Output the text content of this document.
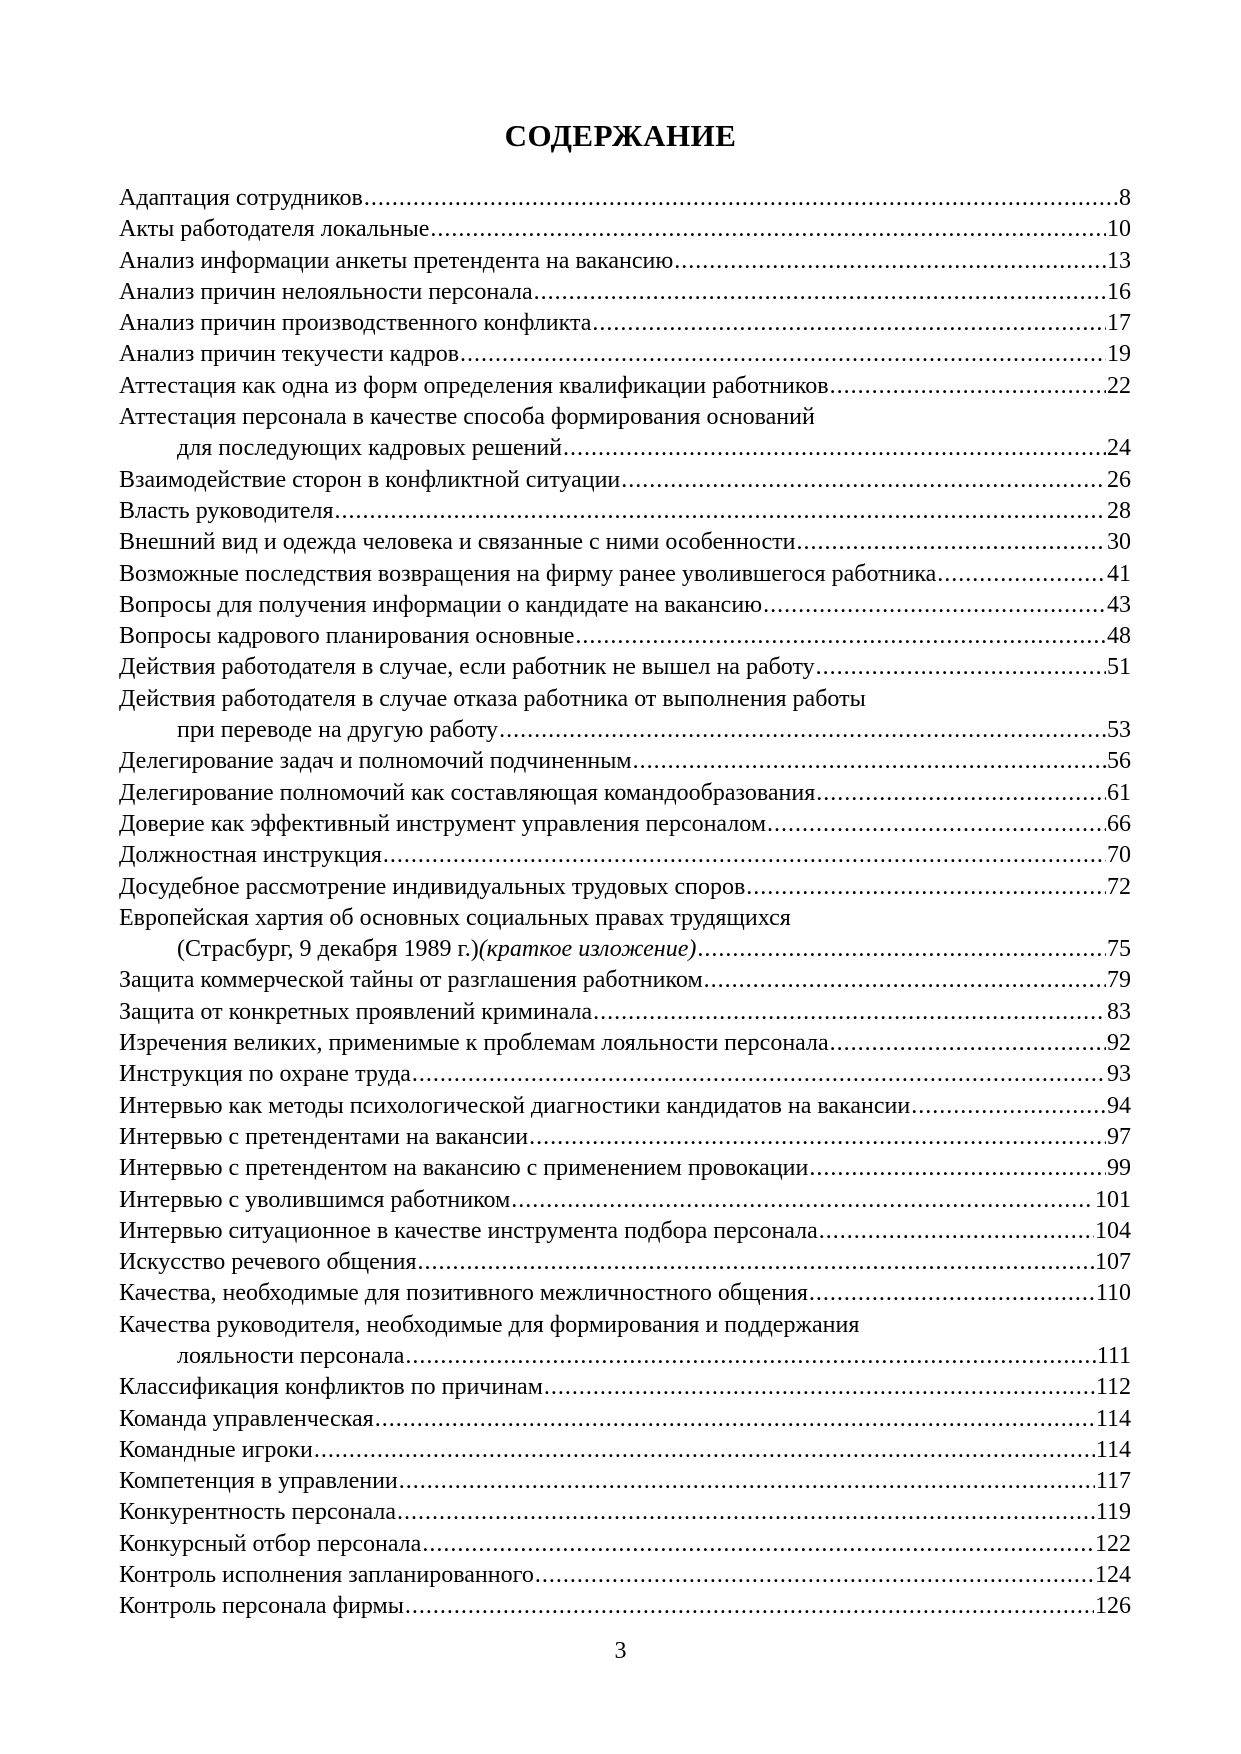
СОДЕРЖАНИЕ
Адаптация сотрудников .....	8
Акты работодателя локальные .....	10
Анализ информации анкеты претендента на вакансию .....	13
Анализ причин нелояльности персонала .....	16
Анализ причин производственного конфликта .....	17
Анализ причин текучести кадров .....	19
Аттестация как одна из форм определения квалификации работников .....	22
Аттестация персонала в качестве способа формирования оснований
для последующих кадровых решений .....	24
Взаимодействие сторон в конфликтной ситуации .....	26
Власть руководителя .....	28
Внешний вид и одежда человека и связанные с ними особенности .....	30
Возможные последствия возвращения на фирму ранее уволившегося работника .....	41
Вопросы для получения информации о кандидате на вакансию .....	43
Вопросы кадрового планирования основные .....	48
Действия работодателя в случае, если работник не вышел на работу .....	51
Действия работодателя в случае отказа работника от выполнения работы
при переводе на другую работу .....	53
Делегирование задач и полномочий подчиненным .....	56
Делегирование полномочий как составляющая командообразования .....	61
Доверие как эффективный инструмент управления персоналом .....	66
Должностная инструкция .....	70
Досудебное рассмотрение индивидуальных трудовых споров .....	72
Европейская хартия об основных социальных правах трудящихся
(Страсбург, 9 декабря 1989 г.) (краткое изложение) .....	75
Защита коммерческой тайны от разглашения работником .....	79
Защита от конкретных проявлений криминала .....	83
Изречения великих, применимые к проблемам лояльности персонала .....	92
Инструкция по охране труда .....	93
Интервью как методы психологической диагностики кандидатов на вакансии .....	94
Интервью с претендентами на вакансии .....	97
Интервью с претендентом на вакансию с применением провокации .....	99
Интервью с уволившимся работником .....	101
Интервью ситуационное в качестве инструмента подбора персонала .....	104
Искусство речевого общения .....	107
Качества, необходимые для позитивного межличностного общения .....	110
Качества руководителя, необходимые для формирования и поддержания
лояльности персонала .....	111
Классификация конфликтов по причинам .....	112
Команда управленческая .....	114
Командные игроки .....	114
Компетенция в управлении .....	117
Конкурентность персонала .....	119
Конкурсный отбор персонала .....	122
Контроль исполнения запланированного .....	124
Контроль персонала фирмы .....	126
3
